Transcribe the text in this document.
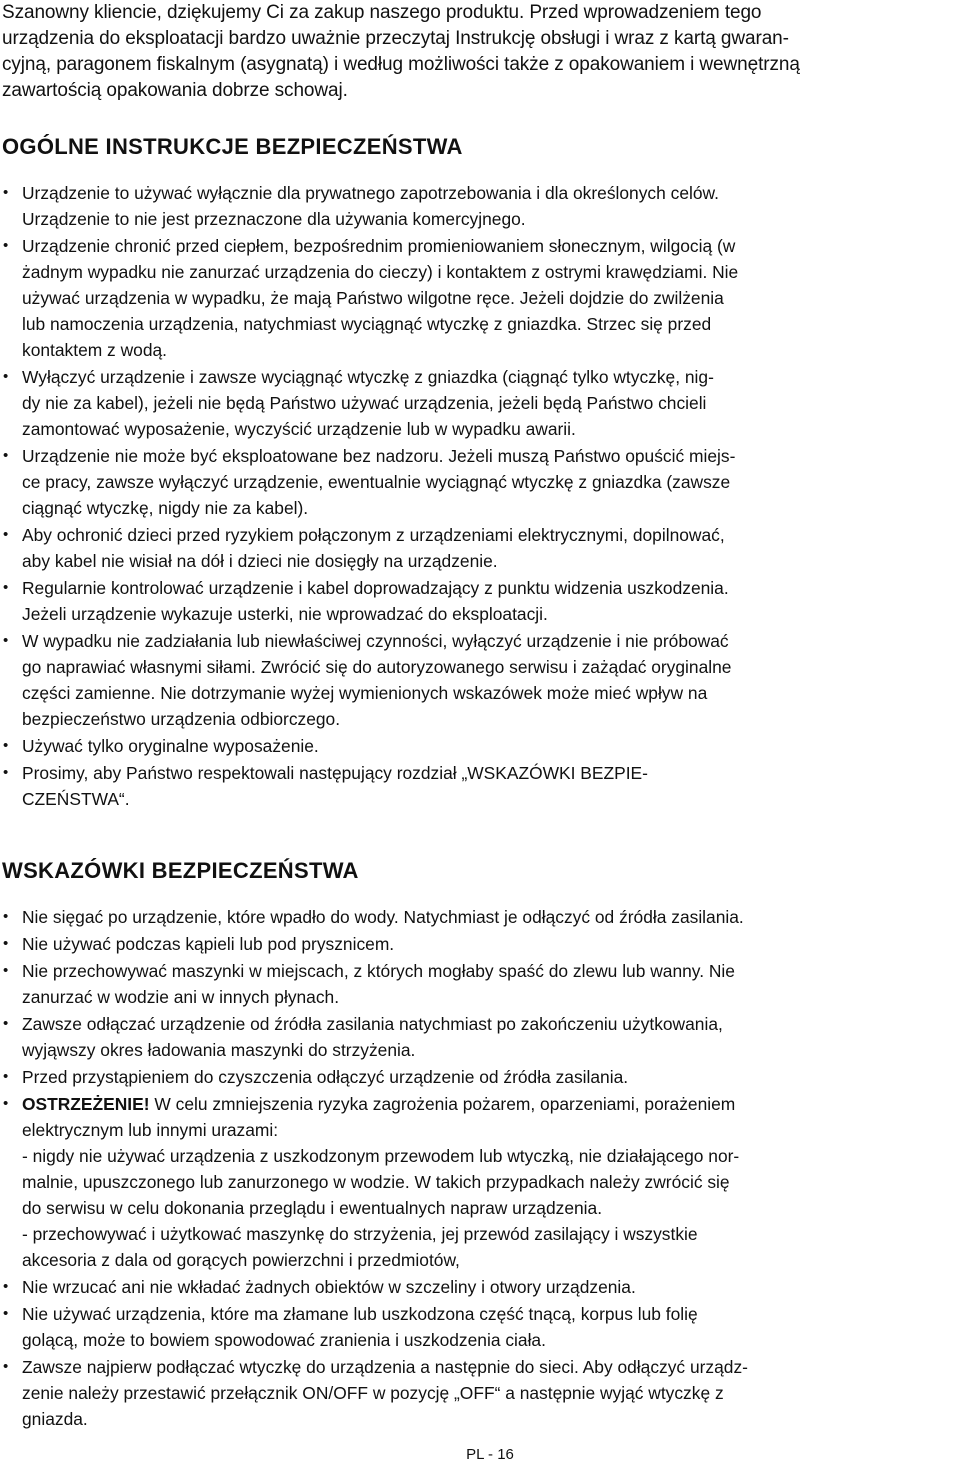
Szanowny kliencie, dziękujemy Ci za zakup naszego produktu. Przed wprowadzeniem tego
urządzenia do eksploatacji bardzo uważnie przeczytaj Instrukcję obsługi i wraz z kartą gwaran-
cyjną, paragonem fiskalnym (asygnatą) i według możliwości także z opakowaniem i wewnętrzną
zawartością opakowania dobrze schowaj.

OGÓLNE INSTRUKCJE BEZPIECZEŃSTWA
• Urządzenie to używać wyłącznie dla prywatnego zapotrzebowania i dla określonych celów.
Urządzenie to nie jest przeznaczone dla używania komercyjnego.
• Urządzenie chronić przed ciepłem, bezpośrednim promieniowaniem słonecznym, wilgocią (w
żadnym wypadku nie zanurzać urządzenia do cieczy) i kontaktem z ostrymi krawędziami. Nie
używać urządzenia w wypadku, że mają Państwo wilgotne ręce. Jeżeli dojdzie do zwilżenia
lub namoczenia urządzenia, natychmiast wyciągnąć wtyczkę z gniazdka. Strzec się przed
kontaktem z wodą.
• Wyłączyć urządzenie i zawsze wyciągnąć wtyczkę z gniazdka (ciągnąć tylko wtyczkę, nig-
dy nie za kabel), jeżeli nie będą Państwo używać urządzenia, jeżeli będą Państwo chcieli
zamontować wyposażenie, wyczyścić urządzenie lub w wypadku awarii.
• Urządzenie nie może być eksploatowane bez nadzoru. Jeżeli muszą Państwo opuścić miejs-
ce pracy, zawsze wyłączyć urządzenie, ewentualnie wyciągnąć wtyczkę z gniazdka (zawsze
ciągnąć wtyczkę, nigdy nie za kabel).
• Aby ochronić dzieci przed ryzykiem połączonym z urządzeniami elektrycznymi, dopilnować,
aby kabel nie wisiał na dół i dzieci nie dosięgły na urządzenie.
• Regularnie kontrolować urządzenie i kabel doprowadzający z punktu widzenia uszkodzenia.
Jeżeli urządzenie wykazuje usterki, nie wprowadzać do eksploatacji.
• W wypadku nie zadziałania lub niewłaściwej czynności, wyłączyć urządzenie i nie próbować
go naprawiać własnymi siłami. Zwrócić się do autoryzowanego serwisu i zażądać oryginalne
części zamienne. Nie dotrzymanie wyżej wymienionych wskazówek może mieć wpływ na
bezpieczeństwo urządzenia odbiorczego.
• Używać tylko oryginalne wyposażenie.
• Prosimy, aby Państwo respektowali następujący rozdział „WSKAZÓWKI BEZPIE-
CZEŃSTWA“.
WSKAZÓWKI BEZPIECZEŃSTWA
• Nie sięgać po urządzenie, które wpadło do wody. Natychmiast je odłączyć od źródła zasilania.
• Nie używać podczas kąpieli lub pod prysznicem.
• Nie przechowywać maszynki w miejscach, z których mogłaby spaść do zlewu lub wanny. Nie
zanurzać w wodzie ani w innych płynach.
• Zawsze odłączać urządzenie od źródła zasilania natychmiast po zakończeniu użytkowania,
wyjąwszy okres ładowania maszynki do strzyżenia.
• Przed przystąpieniem do czyszczenia odłączyć urządzenie od źródła zasilania.
• OSTRZEŻENIE! W celu zmniejszenia ryzyka zagrożenia pożarem, oparzeniami, porażeniem
elektrycznym lub innymi urazami:
- nigdy nie używać urządzenia z uszkodzonym przewodem lub wtyczką, nie działającego nor-
malnie, upuszczonego lub zanurzonego w wodzie. W takich przypadkach należy zwrócić się
do serwisu w celu dokonania przeglądu i ewentualnych napraw urządzenia.
- przechowywać i użytkować maszynkę do strzyżenia, jej przewód zasilający i wszystkie
akcesoria z dala od gorących powierzchni i przedmiotów,
• Nie wrzucać ani nie wkładać żadnych obiektów w szczeliny i otwory urządzenia.
• Nie używać urządzenia, które ma złamane lub uszkodzona część tnącą, korpus lub folię
golącą, może to bowiem spowodować zranienia i uszkodzenia ciała.
• Zawsze najpierw podłączać wtyczkę do urządzenia a następnie do sieci. Aby odłączyć urządz-
zenie należy przestawić przełącznik ON/OFF w pozycję „OFF“ a następnie wyjąć wtyczkę z
gniazda.
PL - 16
